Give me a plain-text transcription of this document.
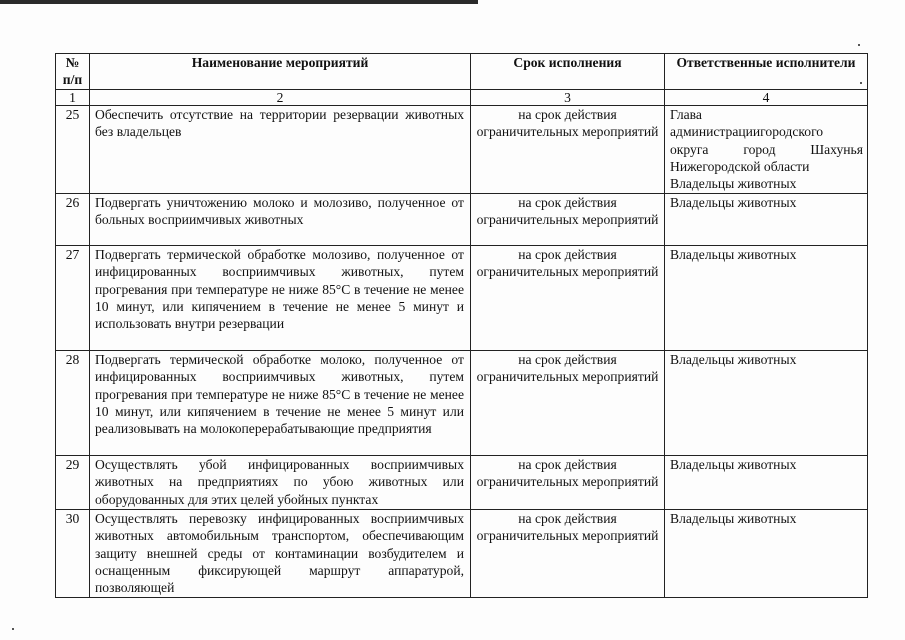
№ п/п	Наименование мероприятий	Срок исполнения	Ответственные исполнители
1	2	3	4
25	Обеспечить отсутствие на территории резервации животных без владельцев	на срок действия ограничительных мероприятий	Глава
администрациигородского
округа город Шахунья
Нижегородской области
Владельцы животных

26	Подвергать уничтожению молоко и молозиво, полученное от больных восприимчивых животных	на срок действия ограничительных мероприятий	Владельцы животных

27	Подвергать термической обработке молозиво, полученное от инфицированных восприимчивых животных, путем прогревания при температуре не ниже 85°С в течение не менее 10 минут, или кипячением в течение не менее 5 минут и использовать внутри резервации	на срок действия ограничительных мероприятий	Владельцы животных

28	Подвергать термической обработке молоко, полученное от инфицированных восприимчивых животных, путем прогревания при температуре не ниже 85°С в течение не менее 10 минут, или кипячением в течение не менее 5 минут или реализовывать на молокоперерабатывающие предприятия	на срок действия ограничительных мероприятий	Владельцы животных

29	Осуществлять убой инфицированных восприимчивых животных на предприятиях по убою животных или оборудованных для этих целей убойных пунктах	на срок действия ограничительных мероприятий	Владельцы животных

30	Осуществлять перевозку инфицированных восприимчивых животных автомобильным транспортом, обеспечивающим защиту внешней среды от контаминации возбудителем и оснащенным фиксирующей маршрут аппаратурой, позволяющей	на срок действия ограничительных мероприятий	Владельцы животных
